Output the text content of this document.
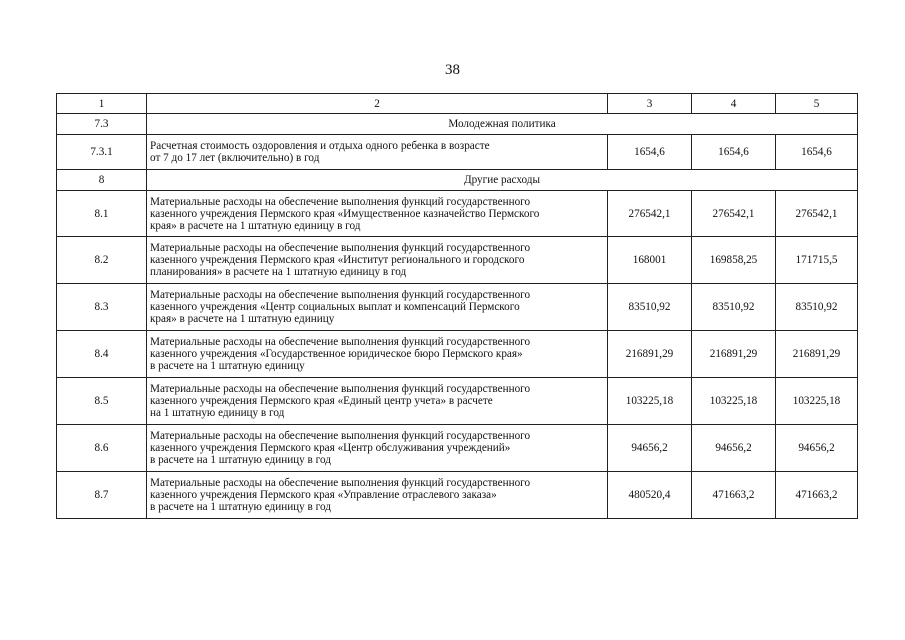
38
1	2	3	4	5
7.3	Молодежная политика			
7.3.1	Расчетная стоимость оздоровления и отдыха одного ребенка в возрасте
от 7 до 17 лет (включительно) в год	1654,6	1654,6	1654,6
8	Другие расходы			
8.1	Материальные расходы на обеспечение выполнения функций государственного
казенного учреждения Пермского края «Имущественное казначейство Пермского
края» в расчете на 1 штатную единицу в год	276542,1	276542,1	276542,1
8.2	Материальные расходы на обеспечение выполнения функций государственного
казенного учреждения Пермского края «Институт регионального и городского
планирования» в расчете на 1 штатную единицу в год	168001	169858,25	171715,5
8.3	Материальные расходы на обеспечение выполнения функций государственного
казенного учреждения «Центр социальных выплат и компенсаций Пермского
края» в расчете на 1 штатную единицу	83510,92	83510,92	83510,92
8.4	Материальные расходы на обеспечение выполнения функций государственного
казенного учреждения «Государственное юридическое бюро Пермского края»
в расчете на 1 штатную единицу	216891,29	216891,29	216891,29
8.5	Материальные расходы на обеспечение выполнения функций государственного
казенного учреждения Пермского края «Единый центр учета» в расчете
на 1 штатную единицу в год	103225,18	103225,18	103225,18
8.6	Материальные расходы на обеспечение выполнения функций государственного
казенного учреждения Пермского края «Центр обслуживания учреждений»
в расчете на 1 штатную единицу в год	94656,2	94656,2	94656,2
8.7	Материальные расходы на обеспечение выполнения функций государственного
казенного учреждения Пермского края «Управление отраслевого заказа»
в расчете на 1 штатную единицу в год	480520,4	471663,2	471663,2
